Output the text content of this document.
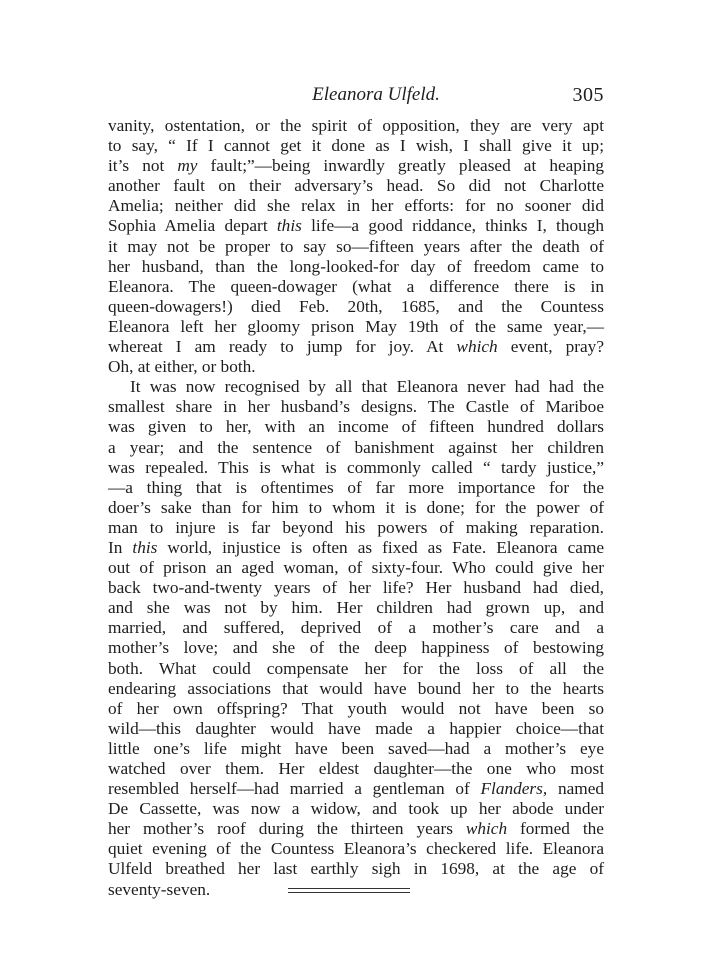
Eleanora Ulfeld.	305
vanity, ostentation, or the spirit of opposition, they are very apt
to say, “ If I cannot get it done as I wish, I shall give it up;
it’s not my fault;”—being inwardly greatly pleased at heaping
another fault on their adversary’s head. So did not Charlotte
Amelia; neither did she relax in her efforts: for no sooner did
Sophia Amelia depart this life—a good riddance, thinks I, though
it may not be proper to say so—fifteen years after the death of
her husband, than the long-looked-for day of freedom came to
Eleanora. The queen-dowager (what a difference there is in
queen-dowagers!) died Feb. 20th, 1685, and the Countess
Eleanora left her gloomy prison May 19th of the same year,—
whereat I am ready to jump for joy. At which event, pray?
Oh, at either, or both.
It was now recognised by all that Eleanora never had had the
smallest share in her husband’s designs. The Castle of Mariboe
was given to her, with an income of fifteen hundred dollars
a year; and the sentence of banishment against her children
was repealed. This is what is commonly called “ tardy justice,”
—a thing that is oftentimes of far more importance for the
doer’s sake than for him to whom it is done; for the power of
man to injure is far beyond his powers of making reparation.
In this world, injustice is often as fixed as Fate. Eleanora came
out of prison an aged woman, of sixty-four. Who could give her
back two-and-twenty years of her life? Her husband had died,
and she was not by him. Her children had grown up, and
married, and suffered, deprived of a mother’s care and a
mother’s love; and she of the deep happiness of bestowing
both. What could compensate her for the loss of all the
endearing associations that would have bound her to the hearts
of her own offspring? That youth would not have been so
wild—this daughter would have made a happier choice—that
little one’s life might have been saved—had a mother’s eye
watched over them. Her eldest daughter—the one who most
resembled herself—had married a gentleman of Flanders, named
De Cassette, was now a widow, and took up her abode under
her mother’s roof during the thirteen years which formed the
quiet evening of the Countess Eleanora’s checkered life. Eleanora
Ulfeld breathed her last earthly sigh in 1698, at the age of
seventy-seven.
